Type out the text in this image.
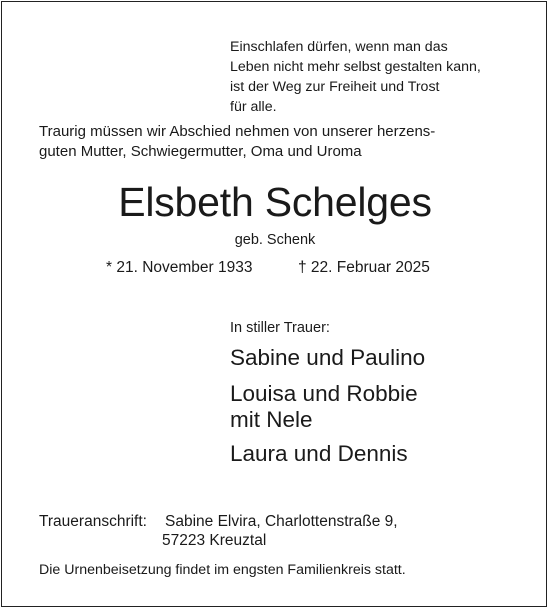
Einschlafen dürfen, wenn man das
Leben nicht mehr selbst gestalten kann,
ist der Weg zur Freiheit und Trost
für alle.
Traurig müssen wir Abschied nehmen von unserer herzens-
guten Mutter, Schwiegermutter, Oma und Uroma
Elsbeth Schelges
geb. Schenk
* 21. November 1933	† 22. Februar 2025
In stiller Trauer:
Sabine und Paulino
Louisa und Robbie
mit Nele
Laura und Dennis
Traueranschrift: Sabine Elvira, Charlottenstraße 9,
57223 Kreuztal
Die Urnenbeisetzung findet im engsten Familienkreis statt.
